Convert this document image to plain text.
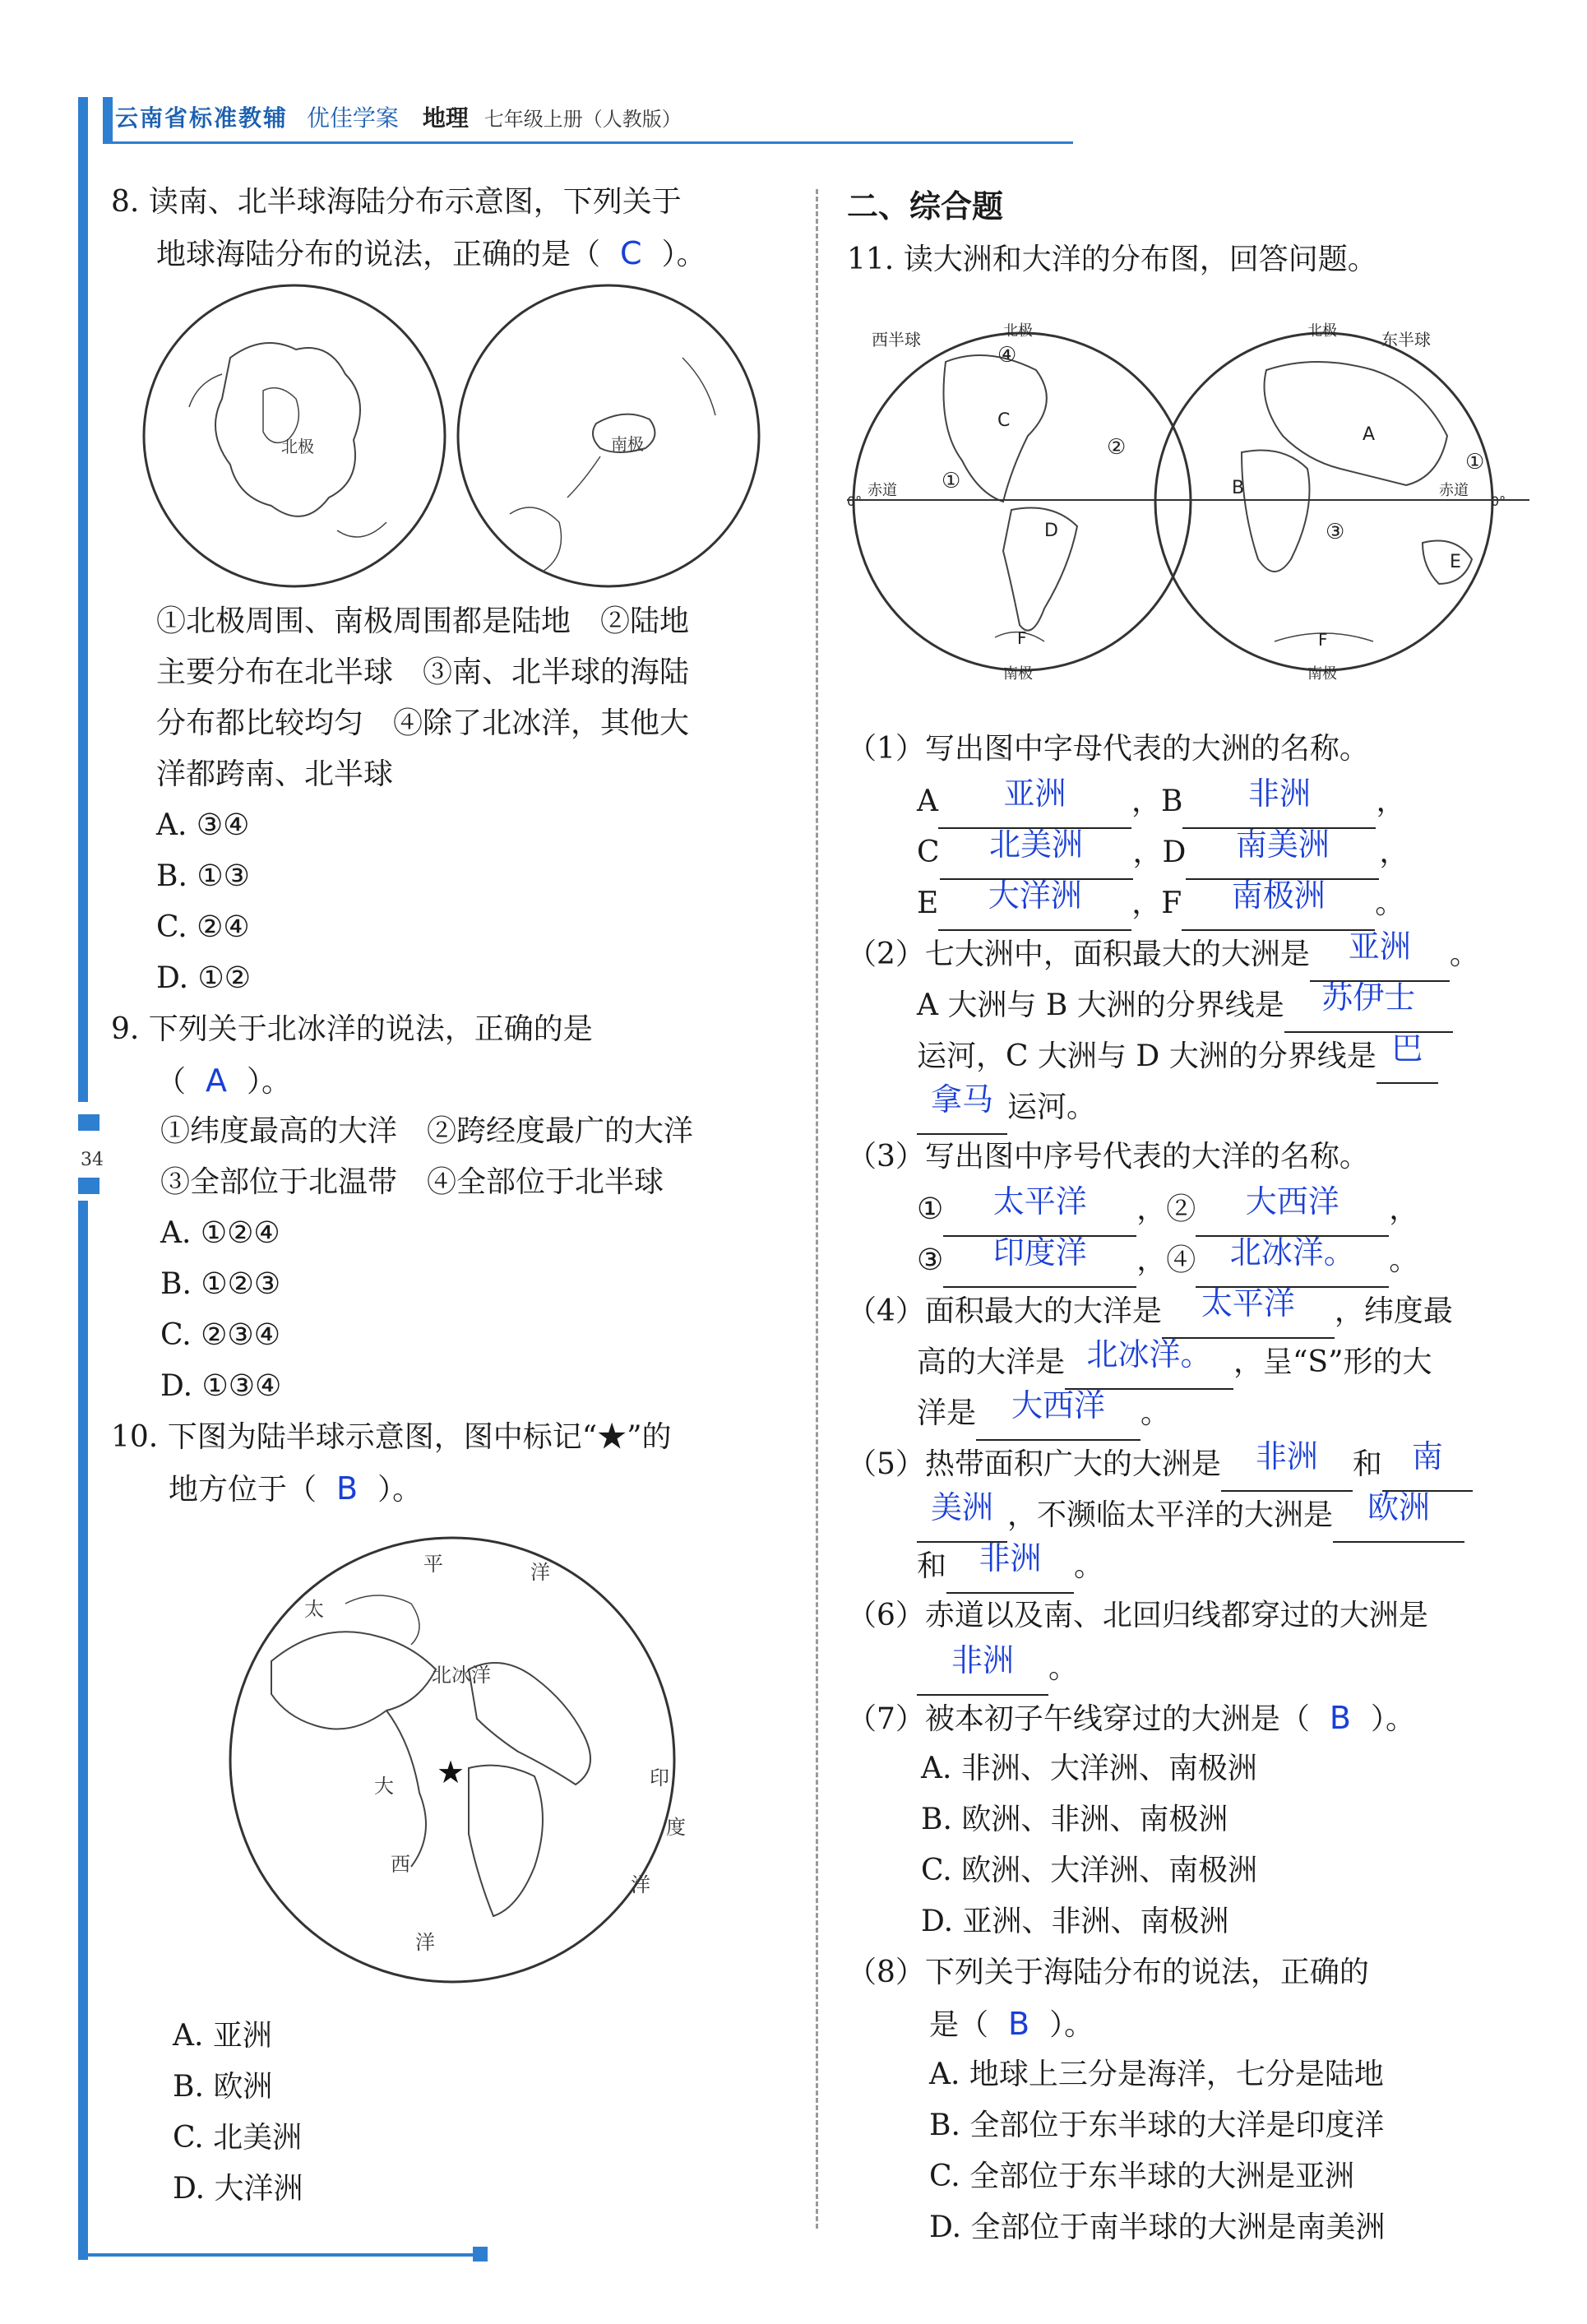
云南省标准教辅 优佳学案 地理 七年级上册（人教版）
34
8. 读南、北半球海陆分布示意图，下列关于
地球海陆分布的说法，正确的是（ C ）。
北极	南极
①北极周围、南极周围都是陆地　②陆地
主要分布在北半球　③南、北半球的海陆
分布都比较均匀　④除了北冰洋，其他大
洋都跨南、北半球
A. ③④
B. ①③
C. ②④
D. ①②
9. 下列关于北冰洋的说法，正确的是
（ A ）。
①纬度最高的大洋　②跨经度最广的大洋
③全部位于北温带　④全部位于北半球
A. ①②④
B. ①②③
C. ②③④
D. ①③④
10. 下图为陆半球示意图，图中标记“★”的
地方位于（ B ）。
太
平	洋
北冰洋
大
西
洋
印
度
洋
★
A. 亚洲
B. 欧洲
C. 北美洲
D. 大洋洲
二、综合题
11. 读大洲和大洋的分布图，回答问题。
C
②
①
D
④
F
西半球	北极
南极
赤道
0°
A
B
①
③
E
F
东半球
北极
南极
赤道
0°
（1）写出图中字母代表的大洲的名称。
A 亚洲 ，B 非洲 ，
C 北美洲 ，D 南美洲 ，
E 大洋洲 ，F 南极洲 。
（2）七大洲中，面积最大的大洲是 亚洲 。
A 大洲与 B 大洲的分界线是 苏伊士
运河，C 大洲与 D 大洲的分界线是 巴
拿马 运河。
（3）写出图中序号代表的大洋的名称。
① 太平洋 ，② 大西洋 ，
③ 印度洋 ，④ 北冰洋。 。
（4）面积最大的大洋是 太平洋 ，纬度最
高的大洋是 北冰洋。 ，呈“S”形的大
洋是 大西洋 。
（5）热带面积广大的大洲是 非洲 和 南
美洲 ，不濒临太平洋的大洲是 欧洲
和 非洲 。
（6）赤道以及南、北回归线都穿过的大洲是
非洲 。
（7）被本初子午线穿过的大洲是（ B ）。
A. 非洲、大洋洲、南极洲
B. 欧洲、非洲、南极洲
C. 欧洲、大洋洲、南极洲
D. 亚洲、非洲、南极洲
（8）下列关于海陆分布的说法，正确的
是（ B ）。
A. 地球上三分是海洋，七分是陆地
B. 全部位于东半球的大洋是印度洋
C. 全部位于东半球的大洲是亚洲
D. 全部位于南半球的大洲是南美洲
